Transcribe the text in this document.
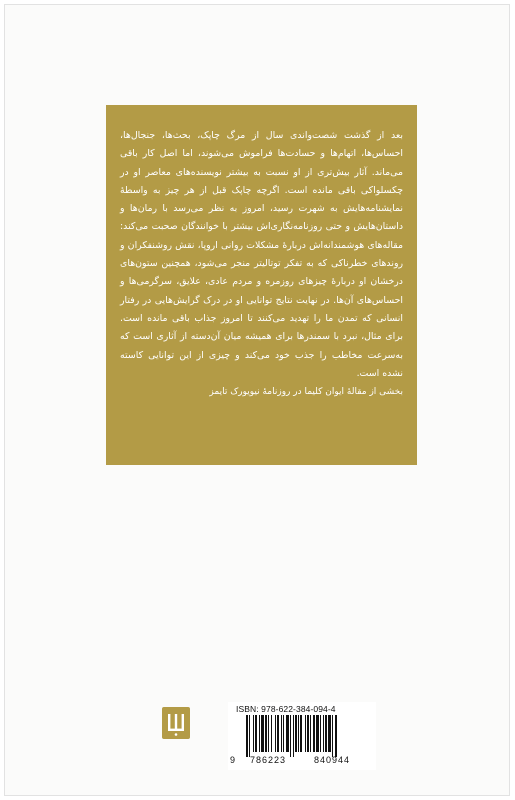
بعد از گذشت شصت‌واندی سال از مرگ چاپک، بحث‌ها، جنجال‌ها، احساس‌ها، اتهام‌ها و حسادت‌ها فراموش می‌شوند، اما اصل کار باقی می‌ماند. آثار بیش‌تری از او نسبت به بیشتر نویسنده‌های معاصر او در چکسلواکی باقی مانده است. اگرچه چاپک قبل از هر چیز به واسطهٔ نمایشنامه‌هایش به شهرت رسید، امروز به نظر می‌رسد با رمان‌ها و داستان‌هایش و حتی روزنامه‌نگاری‌اش بیشتر با خوانندگان صحبت می‌کند: مقاله‌های هوشمندانه‌اش دربارهٔ مشکلات روانی اروپا، نقش روشنفکران و روندهای خطرناکی که به تفکر توتالیتر منجر می‌شود، همچنین ستون‌های درخشان او دربارهٔ چیزهای روزمره و مردم عادی، علایق، سرگرمی‌ها و احساس‌های آن‌ها. در نهایت نتایج توانایی او در درک گرایش‌هایی در رفتار انسانی که تمدن ما را تهدید می‌کنند تا امروز جذاب باقی مانده است. برای مثال، نبرد با سمندرها برای همیشه میان آن‌دسته از آثاری است که به‌سرعت مخاطب را جذب خود می‌کند و چیزی از این توانایی کاسته نشده است.

بخشی از مقالهٔ ایوان کلیما در روزنامهٔ نیویورک تایمز

ISBN: 978-622-384-094-4
9 786223	840944
